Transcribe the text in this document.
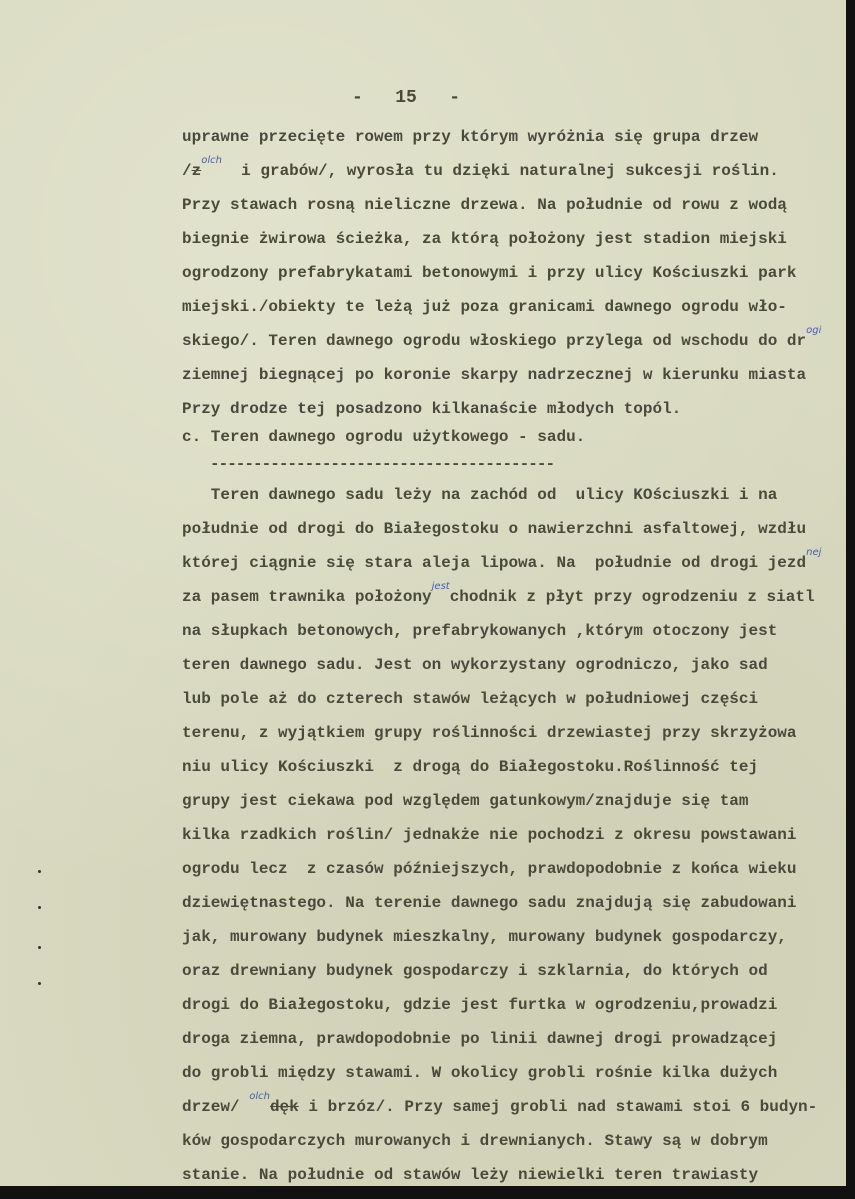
-   15   -
uprawne przecięte rowem przy którym wyróżnia się grupa drzew
$/z^{olch}$  i grabów/, wyrosła tu dzięki naturalnej sukcesji roślin.
Przy stawach rosną nieliczne drzewa. Na południe od rowu z wodą
biegnie żwirowa ścieżka, za którą położony jest stadion miejski
ogrodzony prefabrykatami betonowymi i przy ulicy Kościuszki park
miejski./obiekty te leżą już poza granicami dawnego ogrodu wło-
skiego/. Teren dawnego ogrodu włoskiego przylega od wschodu do $dr^{ogi}$
ziemnej biegnącej po koronie skarpy nadrzecznej w kierunku miasta
Przy drodze tej posadzono kilkanaście młodych topól.
c. Teren dawnego ogrodu użytkowego - sadu.
----------------------------------------
Teren dawnego sadu leży na zachód od  ulicy KOściuszki i na
południe od drogi do Białegostoku o nawierzchni asfaltowej, wzdłu
której ciągnie się stara aleja lipowa. Na  południe od drogi jezd$^{nej}$
za pasem trawnika położony$^{jest}$chodnik z płyt przy ogrodzeniu z siatl
na słupkach betonowych, prefabrykowanych ,którym otoczony jest
teren dawnego sadu. Jest on wykorzystany ogrodniczo, jako sad
lub pole aż do czterech stawów leżących w południowej części
terenu, z wyjątkiem grupy roślinności drzewiastej przy skrzyżowa
niu ulicy Kościuszki  z drogą do Białegostoku.Roślinność tej
grupy jest ciekawa pod względem gatunkowym/znajduje się tam
kilka rzadkich roślin/ jednakże nie pochodzi z okresu powstawani
ogrodu lecz  z czasów późniejszych, prawdopodobnie z końca wieku
dziewiętnastego. Na terenie dawnego sadu znajdują się zabudowani
jak, murowany budynek mieszkalny, murowany budynek gospodarczy,
oraz drewniany budynek gospodarczy i szklarnia, do których od
drogi do Białegostoku, gdzie jest furtka w ogrodzeniu,prowadzi
droga ziemna, prawdopodobnie po linii dawnej drogi prowadzącej
do grobli między stawami. W okolicy grobli rośnie kilka dużych
drzew/ $^{olch}$dęk i brzóz/. Przy samej grobli nad stawami stoi 6 budyn-
ków gospodarczych murowanych i drewnianych. Stawy są w dobrym
stanie. Na południe od stawów leży niewielki teren trawiasty
